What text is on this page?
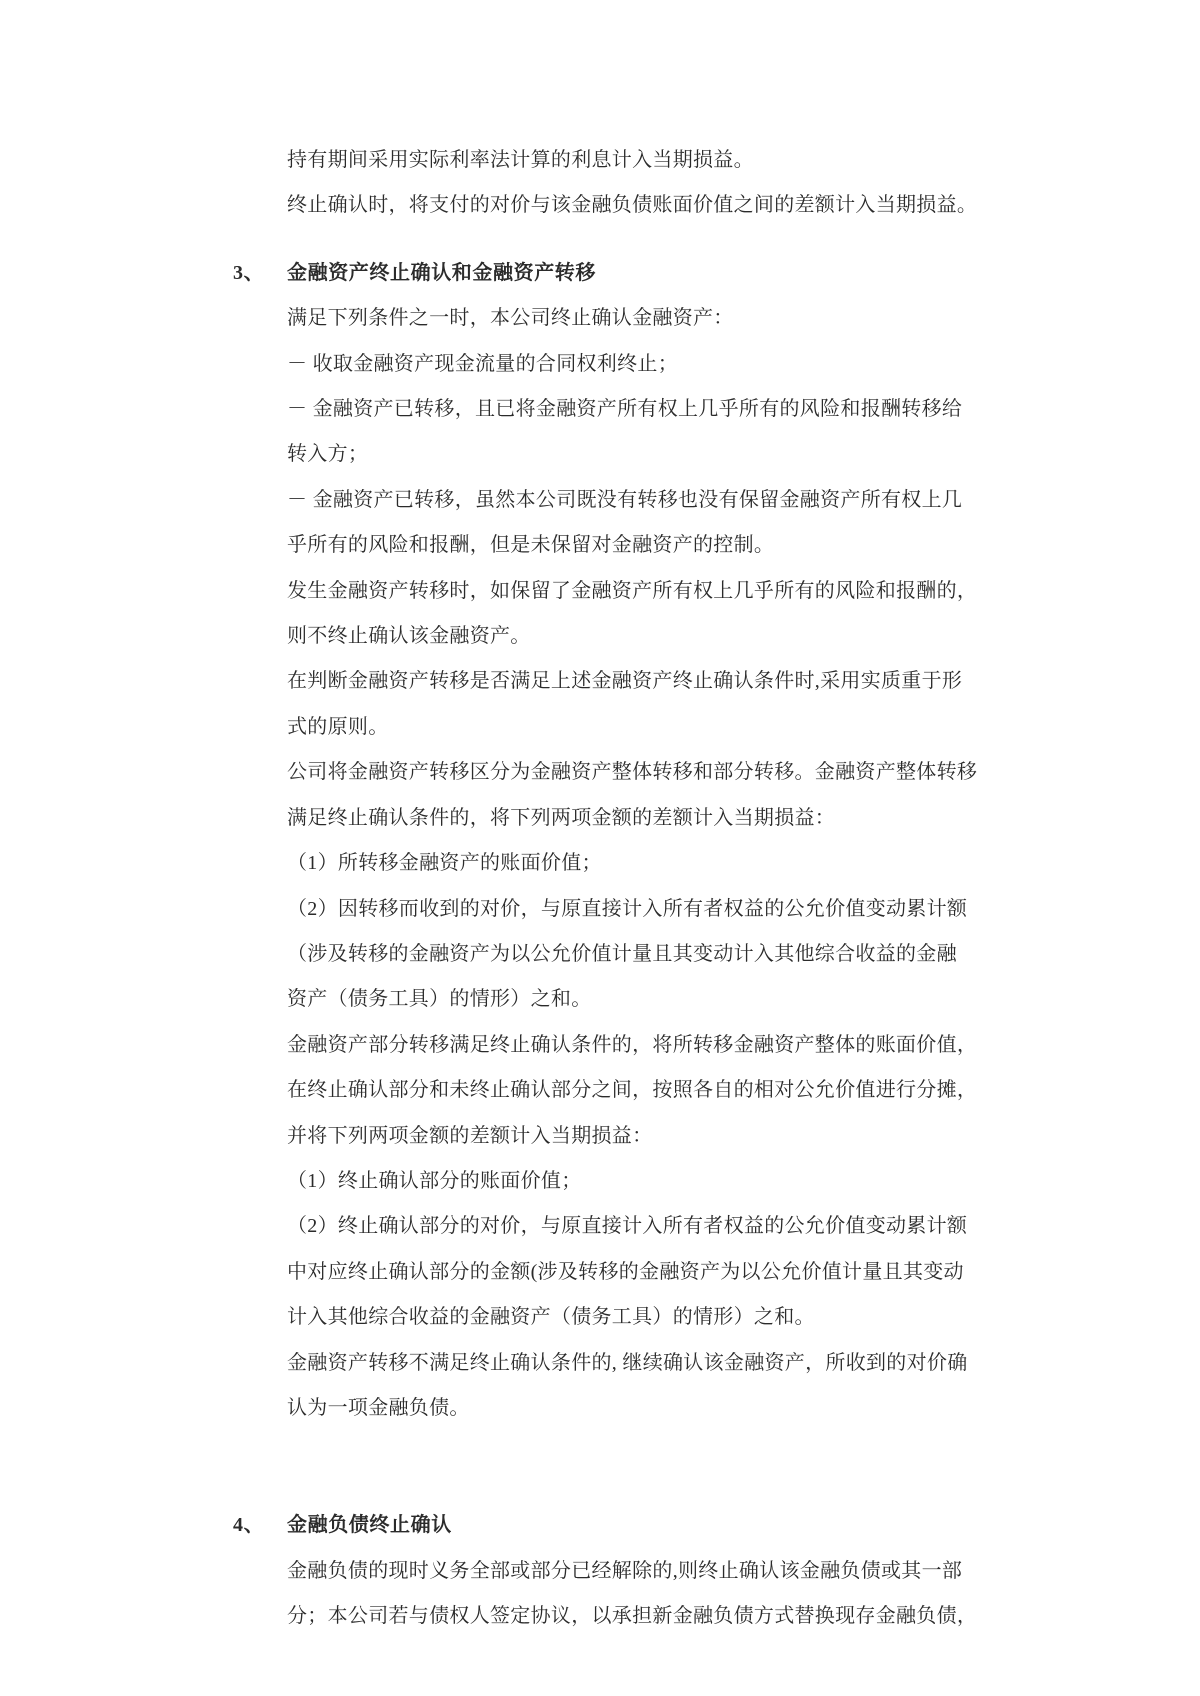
持有期间采用实际利率法计算的利息计入当期损益。
终止确认时，将支付的对价与该金融负债账面价值之间的差额计入当期损益。
3、 金融资产终止确认和金融资产转移
满足下列条件之一时，本公司终止确认金融资产：
－ 收取金融资产现金流量的合同权利终止；
－ 金融资产已转移，且已将金融资产所有权上几乎所有的风险和报酬转移给
转入方；
－ 金融资产已转移，虽然本公司既没有转移也没有保留金融资产所有权上几
乎所有的风险和报酬，但是未保留对金融资产的控制。
发生金融资产转移时，如保留了金融资产所有权上几乎所有的风险和报酬的，
则不终止确认该金融资产。
在判断金融资产转移是否满足上述金融资产终止确认条件时,采用实质重于形
式的原则。
公司将金融资产转移区分为金融资产整体转移和部分转移。金融资产整体转移
满足终止确认条件的，将下列两项金额的差额计入当期损益：
（1）所转移金融资产的账面价值；
（2）因转移而收到的对价，与原直接计入所有者权益的公允价值变动累计额
（涉及转移的金融资产为以公允价值计量且其变动计入其他综合收益的金融
资产（债务工具）的情形）之和。
金融资产部分转移满足终止确认条件的，将所转移金融资产整体的账面价值，
在终止确认部分和未终止确认部分之间，按照各自的相对公允价值进行分摊，
并将下列两项金额的差额计入当期损益：
（1）终止确认部分的账面价值；
（2）终止确认部分的对价，与原直接计入所有者权益的公允价值变动累计额
中对应终止确认部分的金额(涉及转移的金融资产为以公允价值计量且其变动
计入其他综合收益的金融资产（债务工具）的情形）之和。
金融资产转移不满足终止确认条件的, 继续确认该金融资产，所收到的对价确
认为一项金融负债。
4、 金融负债终止确认
金融负债的现时义务全部或部分已经解除的,则终止确认该金融负债或其一部
分；本公司若与债权人签定协议，以承担新金融负债方式替换现存金融负债，
